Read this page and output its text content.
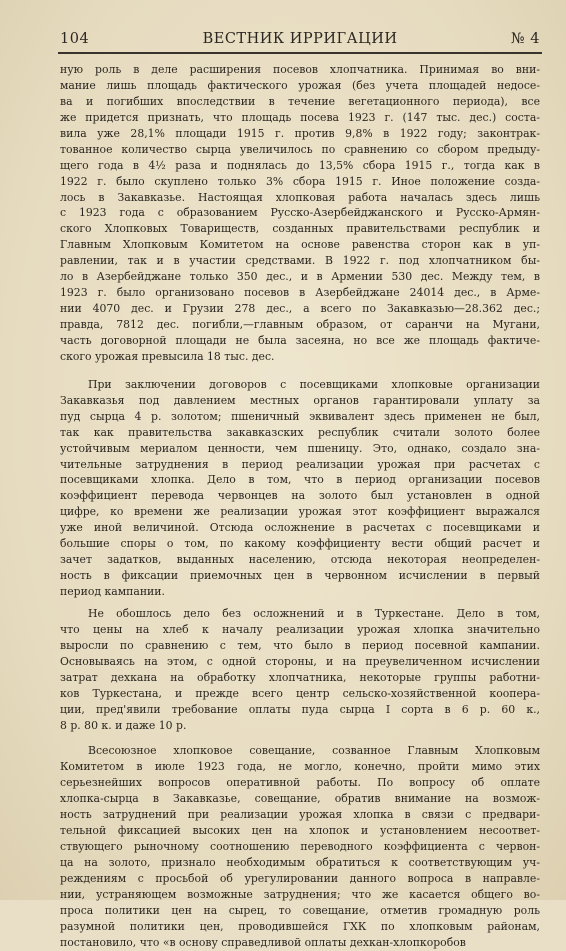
104	ВЕСТНИК ИРРИГАЦИИ	№ 4
ную роль в деле расширения посевов хлопчатника. Принимая во вни-
мание лишь площадь фактического урожая (без учета площадей недосе-
ва и погибших впоследствии в течение вегетационного периода), все
же придется признать, что площадь посева 1923 г. (147 тыс. дес.) соста-
вила уже 28,1% площади 1915 г. против 9,8% в 1922 году; законтрак-
тованное количество сырца увеличилось по сравнению со сбором предыду-
щего года в 4½ раза и поднялась до 13,5% сбора 1915 г., тогда как в
1922 г. было скуплено только 3% сбора 1915 г. Иное положение созда-
лось в Закавказье. Настоящая хлопковая работа началась здесь лишь
с 1923 года с образованием Русско-Азербейджанского и Русско-Армян-
ского Хлопковых Товариществ, созданных правительствами республик и
Главным Хлопковым Комитетом на основе равенства сторон как в уп-
равлении, так и в участии средствами. В 1922 г. под хлопчатником бы-
ло в Азербейджане только 350 дес., и в Армении 530 дес. Между тем, в
1923 г. было организовано посевов в Азербейджане 24014 дес., в Арме-
нии 4070 дес. и Грузии 278 дес., а всего по Закавказью—28.362 дес.;
правда, 7812 дес. погибли,—главным образом, от саранчи на Мугани,
часть договорной площади не была засеяна, но все же площадь фактиче-
ского урожая превысила 18 тыс. дес.
При заключении договоров с посевщиками хлопковые организации
Закавказья под давлением местных органов гарантировали уплату за
пуд сырца 4 р. золотом; пшеничный эквивалент здесь применен не был,
так как правительства закавказских республик считали золото более
устойчивым мериалом ценности, чем пшеницу. Это, однако, создало зна-
чительные затруднения в период реализации урожая при расчетах с
посевщиками хлопка. Дело в том, что в период организации посевов
коэффициент перевода червонцев на золото был установлен в одной
цифре, ко времени же реализации урожая этот коэффициент выражался
уже иной величиной. Отсюда осложнение в расчетах с посевщиками и
большие споры о том, по какому коэффициенту вести общий расчет и
зачет задатков, выданных населению, отсюда некоторая неопределен-
ность в фиксации приемочных цен в червонном исчислении в первый
период кампании.
Не обошлось дело без осложнений и в Туркестане. Дело в том,
что цены на хлеб к началу реализации урожая хлопка значительно
выросли по сравнению с тем, что было в период посевной кампании.
Основываясь на этом, с одной стороны, и на преувеличенном исчислении
затрат дехкана на обработку хлопчатника, некоторые группы работни-
ков Туркестана, и прежде всего центр сельско-хозяйственной коопера-
ции, пред'явили требование оплаты пуда сырца I сорта в 6 р. 60 к.,
8 р. 80 к. и даже 10 р.
Всесоюзное хлопковое совещание, созванное Главным Хлопковым
Комитетом в июле 1923 года, не могло, конечно, пройти мимо этих
серьезнейших вопросов оперативной работы. По вопросу об оплате
хлопка-сырца в Закавказье, совещание, обратив внимание на возмож-
ность затруднений при реализации урожая хлопка в связи с предвари-
тельной фиксацией высоких цен на хлопок и установлением несоответ-
ствующего рыночному соотношению переводного коэффициента с червон-
ца на золото, признало необходимым обратиться к соответствующим уч-
реждениям с просьбой об урегулировании данного вопроса в направле-
нии, устраняющем возможные затруднения; что же касается общего во-
проса политики цен на сырец, то совещание, отметив громадную роль
разумной политики цен, проводившейся ГХК по хлопковым районам,
постановило, что «в основу справедливой оплаты дехкан-хлопкоробов
